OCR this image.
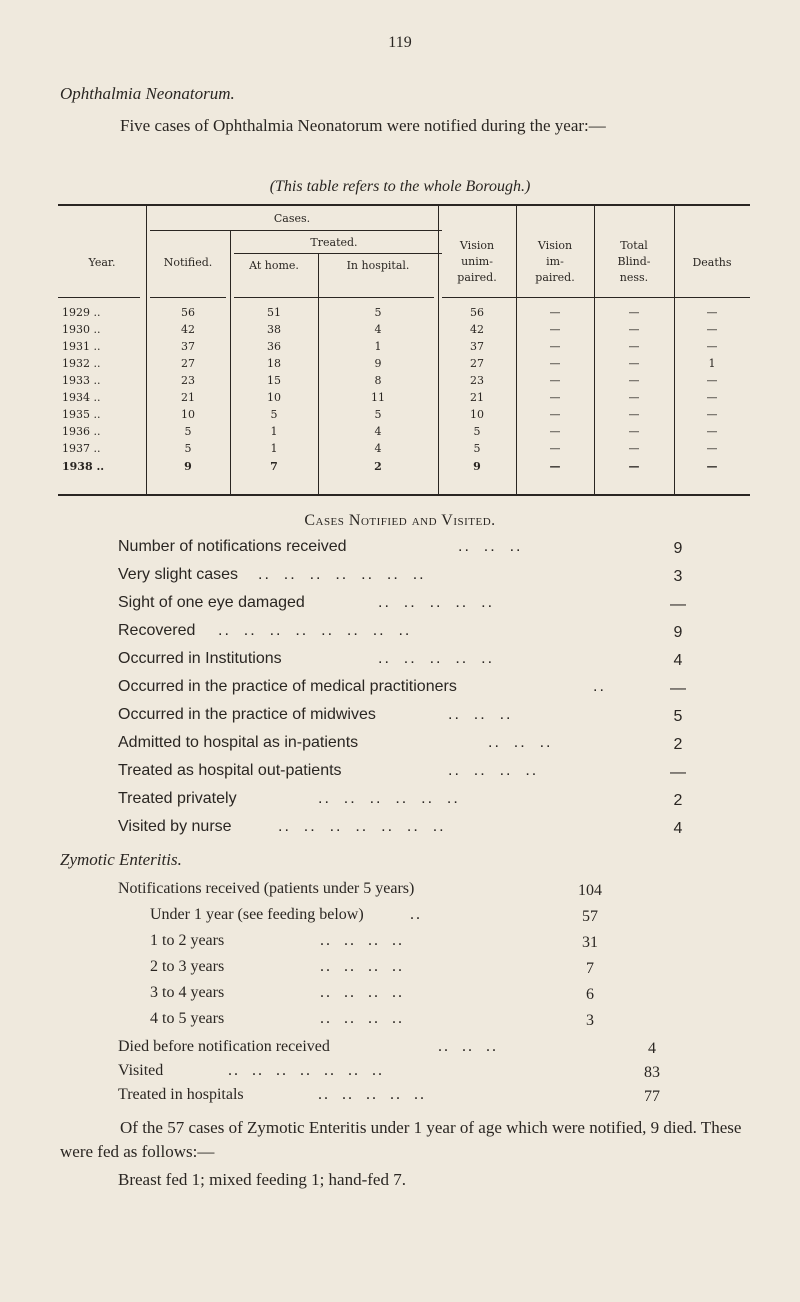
119
Ophthalmia Neonatorum.
Five cases of Ophthalmia Neonatorum were notified during the year:—
(This table refers to the whole Borough.)
Year.
Cases.
Notified.
Treated.
At home.	In hospital.
Vision unim- paired.
Vision im- paired.
Total Blind- ness.
Deaths
1929 ..	56	51	5	56	—	—	—
1930 ..	42	38	4	42	—	—	—
1931 ..	37	36	1	37	—	—	—
1932 ..	27	18	9	27	—	—	1
1933 ..	23	15	8	23	—	—	—
1934 ..	21	10	11	21	—	—	—
1935 ..	10	5	5	10	—	—	—
1936 ..	5	1	4	5	—	—	—
1937 ..	5	1	4	5	—	—	—
1938 ..	9	7	2	9	—	—	—
Cases Notified and Visited.
Number of notifications received	..  ..  ..	9
Very slight cases ..  ..  ..  ..  ..  ..  ..	3
Sight of one eye damaged	..  ..  ..  ..  ..	—
Recovered ..  ..  ..  ..  ..  ..  ..  ..	9
Occurred in Institutions	..  ..  ..  ..  ..	4
Occurred in the practice of medical practitioners	..	—
Occurred in the practice of midwives	..  ..  ..	5
Admitted to hospital as in-patients	..  ..  ..	2
Treated as hospital out-patients	..  ..  ..  ..	—
Treated privately	..  ..  ..  ..  ..  ..	2
Visited by nurse	..  ..  ..  ..  ..  ..  ..	4
Zymotic Enteritis.
Notifications received (patients under 5 years)	104
Under 1 year (see feeding below)	..	57
1 to 2 years	..  ..  ..  ..	31
2 to 3 years	..  ..  ..  ..	7
3 to 4 years	..  ..  ..  ..	6
4 to 5 years	..  ..  ..  ..	3
Died before notification received	..  ..  ..	4
Visited	..  ..  ..  ..  ..  ..  ..	83
Treated in hospitals	..  ..  ..  ..  ..	77
Of the 57 cases of Zymotic Enteritis under 1 year of age which were notified, 9 died. These were fed as follows:—
Breast fed 1; mixed feeding 1; hand-fed 7.
